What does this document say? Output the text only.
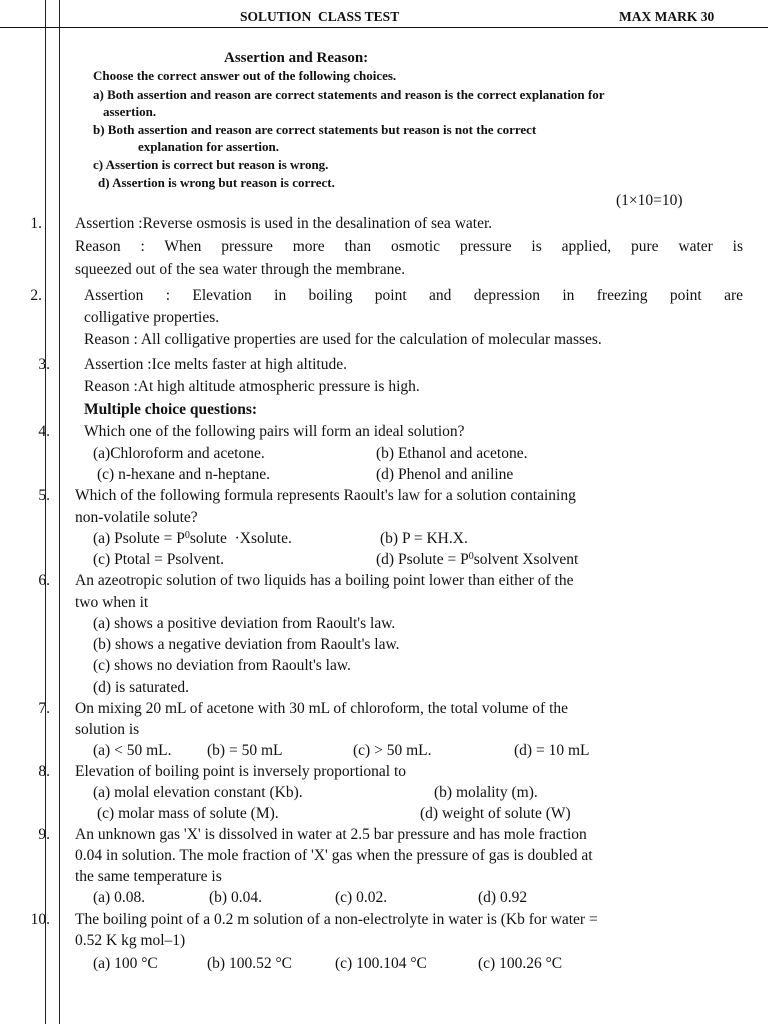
SOLUTION  CLASS TEST	MAX MARK 30
Assertion and Reason:
Choose the correct answer out of the following choices.
a) Both assertion and reason are correct statements and reason is the correct explanation for
assertion.
b) Both assertion and reason are correct statements but reason is not the correct
explanation for assertion.
c) Assertion is correct but reason is wrong.
d) Assertion is wrong but reason is correct.
(1×10=10)
1. Assertion :Reverse osmosis is used in the desalination of sea water.
Reason : When pressure more than osmotic pressure is applied, pure water is
squeezed out of the sea water through the membrane.
2.	Assertion : Elevation in boiling point and depression in freezing point are
colligative properties.
Reason : All colligative properties are used for the calculation of molecular masses.
3. Assertion :Ice melts faster at high altitude.
Reason :At high altitude atmospheric pressure is high.
Multiple choice questions:
4. Which one of the following pairs will form an ideal solution?
(a)Chloroform and acetone.	(b) Ethanol and acetone.
(c) n-hexane and n-heptane.	(d) Phenol and aniline
5. Which of the following formula represents Raoult's law for a solution containing
non-volatile solute?
(a) Psolute = $P^0solute$  ·Xsolute.	(b) P = KH.X.
(c) Ptotal = Psolvent.	(d) Psolute = $P^0solvent$ Xsolvent
6. An azeotropic solution of two liquids has a boiling point lower than either of the
two when it
(a) shows a positive deviation from Raoult's law.
(b) shows a negative deviation from Raoult's law.
(c) shows no deviation from Raoult's law.
(d) is saturated.
7. On mixing 20 mL of acetone with 30 mL of chloroform, the total volume of the
solution is
(a) < 50 mL. (b) = 50 mL	(c) > 50 mL.	(d) = 10 mL
8. Elevation of boiling point is inversely proportional to
(a) molal elevation constant (Kb).	(b) molality (m).
(c) molar mass of solute (M).	(d) weight of solute (W)
9. An unknown gas 'X' is dissolved in water at 2.5 bar pressure and has mole fraction
0.04 in solution. The mole fraction of 'X' gas when the pressure of gas is doubled at
the same temperature is
(a) 0.08.	(b) 0.04.	(c) 0.02.	(d) 0.92
10. The boiling point of a 0.2 m solution of a non-electrolyte in water is (Kb for water =
0.52 K kg mol–1)
(a) 100 °C	(b) 100.52 °C	(c) 100.104 °C	(c) 100.26 °C
